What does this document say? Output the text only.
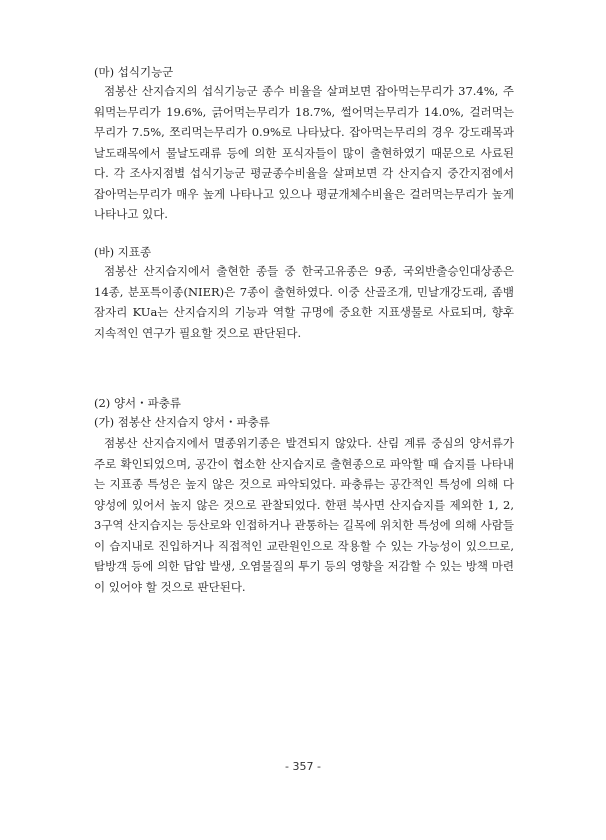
(마) 섭식기능군

점봉산 산지습지의 섭식기능군 종수 비율을 살펴보면 잡아먹는무리가 37.4%, 주워먹는무리가 19.6%, 긁어먹는무리가 18.7%, 썰어먹는무리가 14.0%, 걸러먹는무리가 7.5%, 쪼리먹는무리가 0.9%로 나타났다. 잡아먹는무리의 경우 강도래목과 날도래목에서 물날도래류 등에 의한 포식자들이 많이 출현하였기 때문으로 사료된다. 각 조사지점별 섭식기능군 평균종수비율을 살펴보면 각 산지습지 중간지점에서 잡아먹는무리가 매우 높게 나타나고 있으나 평균개체수비율은 걸러먹는무리가 높게 나타나고 있다.

(바) 지표종

점봉산 산지습지에서 출현한 종들 중 한국고유종은 9종, 국외반출승인대상종은 14종, 분포특이종(NIER)은 7종이 출현하였다. 이중 산골조개, 민날개강도래, 좀뱀잠자리 KUa는 산지습지의 기능과 역할 규명에 중요한 지표생물로 사료되며, 향후 지속적인 연구가 필요할 것으로 판단된다.

(2) 양서・파충류
(가) 점봉산 산지습지 양서・파충류

점봉산 산지습지에서 멸종위기종은 발견되지 않았다. 산림 계류 중심의 양서류가 주로 확인되었으며, 공간이 협소한 산지습지로 출현종으로 파악할 때 습지를 나타내는 지표종 특성은 높지 않은 것으로 파악되었다. 파충류는 공간적인 특성에 의해 다양성에 있어서 높지 않은 것으로 관찰되었다. 한편 북사면 산지습지를 제외한 1, 2, 3구역 산지습지는 등산로와 인접하거나 관통하는 길목에 위치한 특성에 의해 사람들이 습지내로 진입하거나 직접적인 교란원인으로 작용할 수 있는 가능성이 있으므로, 탐방객 등에 의한 답압 발생, 오염물질의 투기 등의 영향을 저감할 수 있는 방책 마련이 있어야 할 것으로 판단된다.

- 357 -
